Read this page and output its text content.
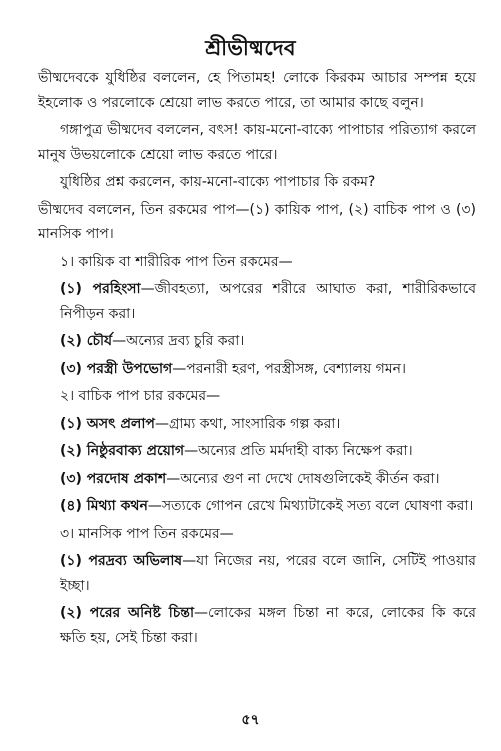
শ্রীভীষ্মদেব

ভীষ্মদেবকে যুধিষ্ঠির বললেন, হে পিতামহ! লোকে কিরকম আচার সম্পন্ন হয়ে ইহলোক ও পরলোকে শ্রেয়ো লাভ করতে পারে, তা আমার কাছে বলুন।

গঙ্গাপুত্র ভীষ্মদেব বললেন, বৎস! কায়-মনো-বাক্যে পাপাচার পরিত্যাগ করলে মানুষ উভয়লোকে শ্রেয়ো লাভ করতে পারে।

যুধিষ্ঠির প্রশ্ন করলেন, কায়-মনো-বাক্যে পাপাচার কি রকম?

ভীষ্মদেব বললেন, তিন রকমের পাপ—(১) কায়িক পাপ, (২) বাচিক পাপ ও (৩) মানসিক পাপ।

১। কায়িক বা শারীরিক পাপ তিন রকমের—

(১) পরহিংসা—জীবহত্যা, অপরের শরীরে আঘাত করা, শারীরিকভাবে নিপীড়ন করা।

(২) চৌর্য—অন্যের দ্রব্য চুরি করা।

(৩) পরস্ত্রী উপভোগ—পরনারী হরণ, পরস্ত্রীসঙ্গ, বেশ্যালয় গমন।

২। বাচিক পাপ চার রকমের—

(১) অসৎ প্রলাপ—গ্রাম্য কথা, সাংসারিক গল্প করা।

(২) নিষ্ঠুরবাক্য প্রয়োগ—অন্যের প্রতি মর্মদাহী বাক্য নিক্ষেপ করা।

(৩) পরদোষ প্রকাশ—অন্যের গুণ না দেখে দোষগুলিকেই কীর্তন করা।

(৪) মিথ্যা কথন—সত্যকে গোপন রেখে মিথ্যাটাকেই সত্য বলে ঘোষণা করা।

৩। মানসিক পাপ তিন রকমের—

(১) পরদ্রব্য অভিলাষ—যা নিজের নয়, পরের বলে জানি, সেটিই পাওয়ার ইচ্ছা।

(২) পরের অনিষ্ট চিন্তা—লোকের মঙ্গল চিন্তা না করে, লোকের কি করে ক্ষতি হয়, সেই চিন্তা করা।

৫৭
